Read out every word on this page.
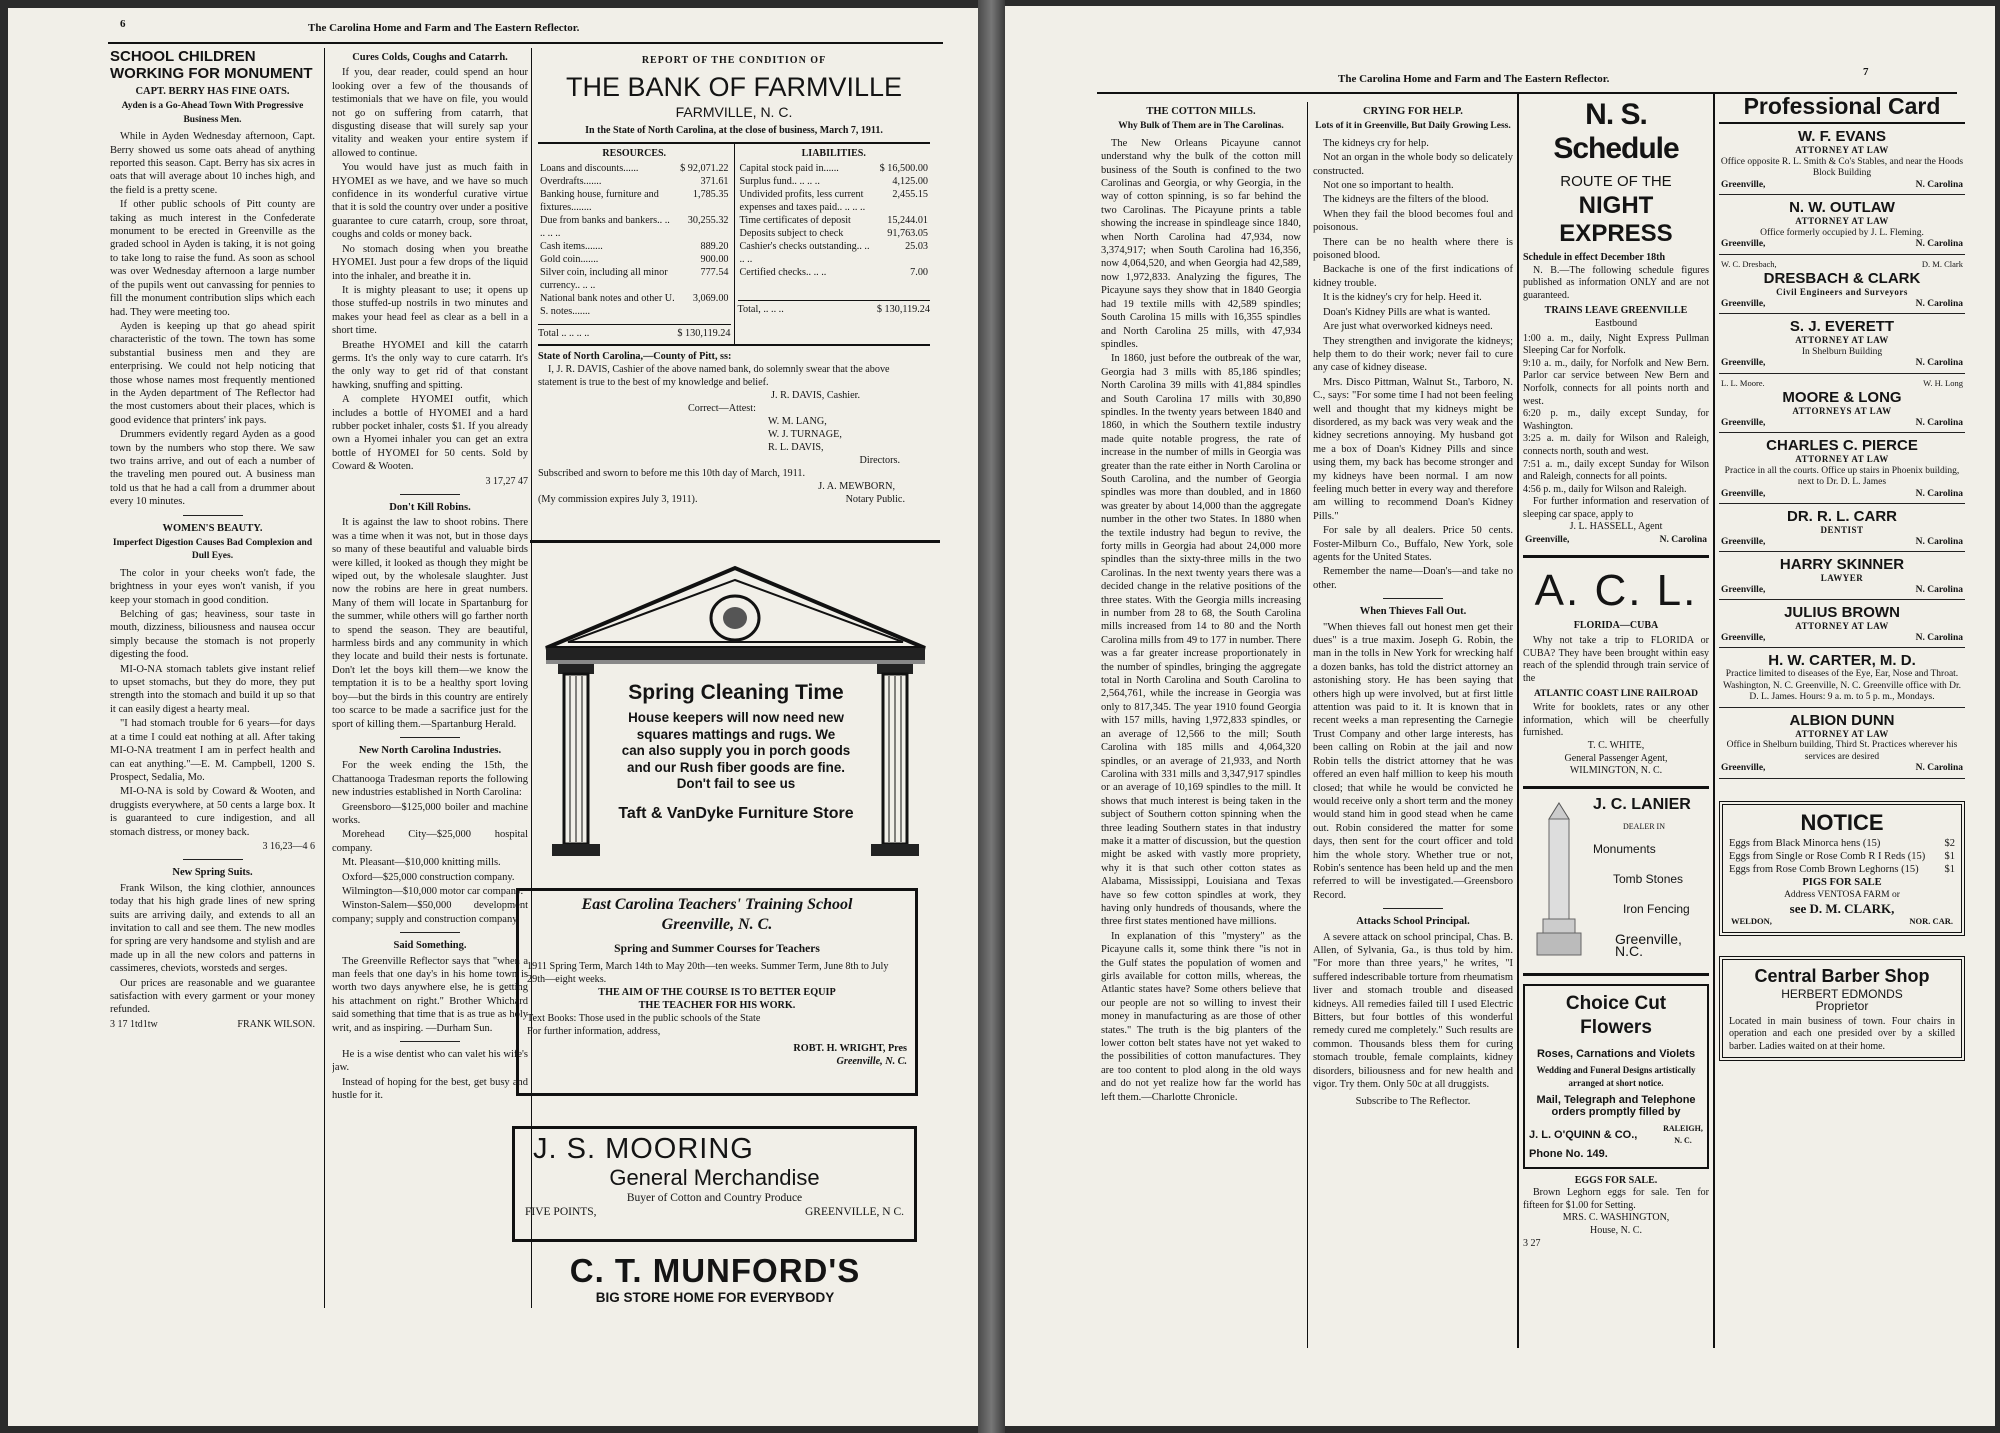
6	The Carolina Home and Farm and The Eastern Reflector.
SCHOOL CHILDREN WORKING FOR MONUMENT
CAPT. BERRY HAS FINE OATS.
Ayden is a Go-Ahead Town With Progressive Business Men.

While in Ayden Wednesday afternoon, Capt. Berry showed us some oats ahead of anything reported this season. Capt. Berry has six acres in oats that will average about 10 inches high, and the field is a pretty scene.

If other public schools of Pitt county are taking as much interest in the Confederate monument to be erected in Greenville as the graded school in Ayden is taking, it is not going to take long to raise the fund. As soon as school was over Wednesday afternoon a large number of the pupils went out canvassing for pennies to fill the monument contribution slips which each had. They were meeting too.

Ayden is keeping up that go ahead spirit characteristic of the town. The town has some substantial business men and they are enterprising. We could not help noticing that those whose names most frequently mentioned in the Ayden department of The Reflector had the most customers about their places, which is good evidence that printers' ink pays.

Drummers evidently regard Ayden as a good town by the numbers who stop there. We saw two trains arrive, and out of each a number of the traveling men poured out. A business man told us that he had a call from a drummer about every 10 minutes.

WOMEN'S BEAUTY.
Imperfect Digestion Causes Bad Complexion and Dull Eyes.

The color in your cheeks won't fade, the brightness in your eyes won't vanish, if you keep your stomach in good condition.

Belching of gas; heaviness, sour taste in mouth, dizziness, biliousness and nausea occur simply because the stomach is not properly digesting the food.

MI-O-NA stomach tablets give instant relief to upset stomachs, but they do more, they put strength into the stomach and build it up so that it can easily digest a hearty meal.

"I had stomach trouble for 6 years—for days at a time I could eat nothing at all. After taking MI-O-NA treatment I am in perfect health and can eat anything."—E. M. Campbell, 1200 S. Prospect, Sedalia, Mo.

MI-O-NA is sold by Coward & Wooten, and druggists everywhere, at 50 cents a large box. It is guaranteed to cure indigestion, and all stomach distress, or money back.

3 16,23—4 6
New Spring Suits.

Frank Wilson, the king clothier, announces today that his high grade lines of new spring suits are arriving daily, and extends to all an invitation to call and see them. The new modles for spring are very handsome and stylish and are made up in all the new colors and patterns in cassimeres, cheviots, worsteds and serges.

Our prices are reasonable and we guarantee satisfaction with every garment or your money refunded.

3 17 1td1tw	FRANK WILSON.
Cures Colds, Coughs and Catarrh.

If you, dear reader, could spend an hour looking over a few of the thousands of testimonials that we have on file, you would not go on suffering from catarrh, that disgusting disease that will surely sap your vitality and weaken your entire system if allowed to continue.

You would have just as much faith in HYOMEI as we have, and we have so much confidence in its wonderful curative virtue that it is sold the country over under a positive guarantee to cure catarrh, croup, sore throat, coughs and colds or money back.

No stomach dosing when you breathe HYOMEI. Just pour a few drops of the liquid into the inhaler, and breathe it in.

It is mighty pleasant to use; it opens up those stuffed-up nostrils in two minutes and makes your head feel as clear as a bell in a short time.

Breathe HYOMEI and kill the catarrh germs. It's the only way to cure catarrh. It's the only way to get rid of that constant hawking, snuffing and spitting.

A complete HYOMEI outfit, which includes a bottle of HYOMEI and a hard rubber pocket inhaler, costs $1. If you already own a Hyomei inhaler you can get an extra bottle of HYOMEI for 50 cents. Sold by Coward & Wooten.

3 17,27 47
Don't Kill Robins.

It is against the law to shoot robins. There was a time when it was not, but in those days so many of these beautiful and valuable birds were killed, it looked as though they might be wiped out, by the wholesale slaughter. Just now the robins are here in great numbers. Many of them will locate in Spartanburg for the summer, while others will go farther north to spend the season. They are beautiful, harmless birds and any community in which they locate and build their nests is fortunate. Don't let the boys kill them—we know the temptation it is to be a healthy sport loving boy—but the birds in this country are entirely too scarce to be made a sacrifice just for the sport of killing them.—Spartanburg Herald.

New North Carolina Industries.

For the week ending the 15th, the Chattanooga Tradesman reports the following new industries established in North Carolina:

Greensboro—$125,000 boiler and machine works.

Morehead City—$25,000 hospital company.

Mt. Pleasant—$10,000 knitting mills.

Oxford—$25,000 construction company.

Wilmington—$10,000 motor car company.

Winston-Salem—$50,000 development company; supply and construction company.

Said Something.

The Greenville Reflector says that "when a man feels that one day's in his home town is worth two days anywhere else, he is getting his attachment on right." Brother Whichard said something that time that is as true as holy writ, and as inspiring. —Durham Sun.

He is a wise dentist who can valet his wife's jaw.

Instead of hoping for the best, get busy and hustle for it.

REPORT OF THE CONDITION OF
THE BANK OF FARMVILLE
FARMVILLE, N. C.
In the State of North Carolina, at the close of business, March 7, 1911.
RESOURCES.
Loans and discounts......	$ 92,071.22
Overdrafts.......	371.61
Banking house, furniture and fixtures........	1,785.35
Due from banks and bankers.. .. .. .. ..	30,255.32
Cash items.......	889.20
Gold coin.......	900.00
Silver coin, including all minor currency.. .. ..	777.54
National bank notes and other U. S. notes.......	3,069.00
Total .. .. .. ..	$ 130,119.24
LIABILITIES.
Capital stock paid in......	$ 16,500.00
Surplus fund.. .. .. ..	4,125.00
Undivided profits, less current expenses and taxes paid.. .. .. ..	2,455.15
Time certificates of deposit	15,244.01
Deposits subject to check	91,763.05
Cashier's checks outstanding.. .. .. ..	25.03
Certified checks.. .. ..	7.00
Total, .. .. ..	$ 130,119.24
State of North Carolina,—County of Pitt, ss:
I, J. R. DAVIS, Cashier of the above named bank, do solemnly swear that the above statement is true to the best of my knowledge and belief.
J. R. DAVIS, Cashier.
Correct—Attest:
W. M. LANG,
W. J. TURNAGE,
R. L. DAVIS,
Directors.
Subscribed and sworn to before me this 10th day of March, 1911.
J. A. MEWBORN,
(My commission expires July 3, 1911).	Notary Public.
Spring Cleaning Time
House keepers will now need new
squares mattings and rugs. We
can also supply you in porch goods
and our Rush fiber goods are fine.
Don't fail to see us
Taft & VanDyke Furniture Store
East Carolina Teachers' Training School
Greenville, N. C.
Spring and Summer Courses for Teachers
1911 Spring Term, March 14th to May 20th—ten weeks. Summer Term, June 8th to July 29th—eight weeks.
THE AIM OF THE COURSE IS TO BETTER EQUIP
THE TEACHER FOR HIS WORK.
Text Books: Those used in the public schools of the State
For further information, address,
ROBT. H. WRIGHT, Pres
Greenville, N. C.
J. S. MOORING
General Merchandise
Buyer of Cotton and Country Produce
FIVE POINTS,	GREENVILLE, N C.
C. T. MUNFORD'S
BIG STORE HOME FOR EVERYBODY
The Carolina Home and Farm and The Eastern Reflector.
7
THE COTTON MILLS.
Why Bulk of Them are in The Carolinas.

The New Orleans Picayune cannot understand why the bulk of the cotton mill business of the South is confined to the two Carolinas and Georgia, or why Georgia, in the way of cotton spinning, is so far behind the two Carolinas. The Picayune prints a table showing the increase in spindleage since 1840, when North Carolina had 47,934, now 3,374,917; when South Carolina had 16,356, now 4,064,520, and when Georgia had 42,589, now 1,972,833. Analyzing the figures, The Picayune says they show that in 1840 Georgia had 19 textile mills with 42,589 spindles; South Carolina 15 mills with 16,355 spindles and North Carolina 25 mills, with 47,934 spindles.

In 1860, just before the outbreak of the war, Georgia had 3 mills with 85,186 spindles; North Carolina 39 mills with 41,884 spindles and South Carolina 17 mills with 30,890 spindles. In the twenty years between 1840 and 1860, in which the Southern textile industry made quite notable progress, the rate of increase in the number of mills in Georgia was greater than the rate either in North Carolina or South Carolina, and the number of Georgia spindles was more than doubled, and in 1860 was greater by about 14,000 than the aggregate number in the other two States. In 1880 when the textile industry had begun to revive, the forty mills in Georgia had about 24,000 more spindles than the sixty-three mills in the two Carolinas. In the next twenty years there was a decided change in the relative positions of the three states. With the Georgia mills increasing in number from 28 to 68, the South Carolina mills increased from 14 to 80 and the North Carolina mills from 49 to 177 in number. There was a far greater increase proportionately in the number of spindles, bringing the aggregate total in North Carolina and South Carolina to 2,564,761, while the increase in Georgia was only to 817,345. The year 1910 found Georgia with 157 mills, having 1,972,833 spindles, or an average of 12,566 to the mill; South Carolina with 185 mills and 4,064,320 spindles, or an average of 21,933, and North Carolina with 331 mills and 3,347,917 spindles or an average of 10,169 spindles to the mill. It shows that much interest is being taken in the subject of Southern cotton spinning when the three leading Southern states in that industry make it a matter of discussion, but the question might be asked with vastly more propriety, why it is that such other cotton states as Alabama, Mississippi, Louisiana and Texas have so few cotton spindles at work, they having only hundreds of thousands, where the three first states mentioned have millions.

In explanation of this "mystery" as the Picayune calls it, some think there "is not in the Gulf states the population of women and girls available for cotton mills, whereas, the Atlantic states have? Some others believe that our people are not so willing to invest their money in manufacturing as are those of other states." The truth is the big planters of the lower cotton belt states have not yet waked to the possibilities of cotton manufactures. They are too content to plod along in the old ways and do not yet realize how far the world has left them.—Charlotte Chronicle.

CRYING FOR HELP.
Lots of it in Greenville, But Daily Growing Less.

The kidneys cry for help.

Not an organ in the whole body so delicately constructed.

Not one so important to health.

The kidneys are the filters of the blood.

When they fail the blood becomes foul and poisonous.

There can be no health where there is poisoned blood.

Backache is one of the first indications of kidney trouble.

It is the kidney's cry for help. Heed it.

Doan's Kidney Pills are what is wanted.

Are just what overworked kidneys need.

They strengthen and invigorate the kidneys; help them to do their work; never fail to cure any case of kidney disease.

Mrs. Disco Pittman, Walnut St., Tarboro, N. C., says: "For some time I had not been feeling well and thought that my kidneys might be disordered, as my back was very weak and the kidney secretions annoying. My husband got me a box of Doan's Kidney Pills and since using them, my back has become stronger and my kidneys have been normal. I am now feeling much better in every way and therefore am willing to recommend Doan's Kidney Pills."

For sale by all dealers. Price 50 cents. Foster-Milburn Co., Buffalo, New York, sole agents for the United States.

Remember the name—Doan's—and take no other.

When Thieves Fall Out.

"When thieves fall out honest men get their dues" is a true maxim. Joseph G. Robin, the man in the tolls in New York for wrecking half a dozen banks, has told the district attorney an astonishing story. He has been saying that others high up were involved, but at first little attention was paid to it. It is known that in recent weeks a man representing the Carnegie Trust Company and other large interests, has been calling on Robin at the jail and now Robin tells the district attorney that he was offered an even half million to keep his mouth closed; that while he would be convicted he would receive only a short term and the money would stand him in good stead when he came out. Robin considered the matter for some days, then sent for the court officer and told him the whole story. Whether true or not, Robin's sentence has been held up and the men referred to will be investigated.—Greensboro Record.

Attacks School Principal.

A severe attack on school principal, Chas. B. Allen, of Sylvania, Ga., is thus told by him. "For more than three years," he writes, "I suffered indescribable torture from rheumatism liver and stomach trouble and diseased kidneys. All remedies failed till I used Electric Bitters, but four bottles of this wonderful remedy cured me completely." Such results are common. Thousands bless them for curing stomach trouble, female complaints, kidney disorders, biliousness and for new health and vigor. Try them. Only 50c at all druggists.

Subscribe to The Reflector.
N. S. Schedule
ROUTE OF THE
NIGHT EXPRESS
Schedule in effect December 18th
N. B.—The following schedule figures published as information ONLY and are not guaranteed.
TRAINS LEAVE GREENVILLE
Eastbound
1:00 a. m., daily, Night Express Pullman Sleeping Car for Norfolk.
9:10 a. m., daily, for Norfolk and New Bern. Parlor car service between New Bern and Norfolk, connects for all points north and west.
6:20 p. m., daily except Sunday, for Washington.
3:25 a. m. daily for Wilson and Raleigh, connects north, south and west.
7:51 a. m., daily except Sunday for Wilson and Raleigh, connects for all points.
4:56 p. m., daily for Wilson and Raleigh.
For further information and reservation of sleeping car space, apply to
J. L. HASSELL, Agent
Greenville,	N. Carolina
A. C. L.
FLORIDA—CUBA
Why not take a trip to FLORIDA or CUBA? They have been brought within easy reach of the splendid through train service of the
ATLANTIC COAST LINE RAILROAD
Write for booklets, rates or any other information, which will be cheerfully furnished.
T. C. WHITE,
General Passenger Agent,
WILMINGTON, N. C.
J. C. LANIER
DEALER IN
Monuments
Tomb Stones
Iron Fencing
Greenville, N.C.
Choice Cut Flowers
Roses, Carnations and Violets
Wedding and Funeral Designs artistically arranged at short notice.
Mail, Telegraph and Telephone orders promptly filled by
J. L. O'QUINN & CO.,
RALEIGH, N. C.
Phone No. 149.
EGGS FOR SALE.
Brown Leghorn eggs for sale. Ten for fifteen for $1.00 for Setting.
MRS. C. WASHINGTON,
House, N. C.
3 27
Professional Card
W. F. EVANS
ATTORNEY AT LAW
Office opposite R. L. Smith & Co's Stables, and near the Hoods Block Building
Greenville,	N. Carolina
N. W. OUTLAW
ATTORNEY AT LAW
Office formerly occupied by J. L. Fleming.
Greenville,	N. Carolina
W. C. Dresbach,	D. M. Clark
DRESBACH & CLARK
Civil Engineers and Surveyors
Greenville,	N. Carolina
S. J. EVERETT
ATTORNEY AT LAW
In Shelburn Building
Greenville,	N. Carolina
L. L. Moore.	W. H. Long
MOORE & LONG
ATTORNEYS AT LAW
Greenville,	N. Carolina
CHARLES C. PIERCE
ATTORNEY AT LAW
Practice in all the courts. Office up stairs in Phoenix building, next to Dr. D. L. James
Greenville,	N. Carolina
DR. R. L. CARR
DENTIST
Greenville,	N. Carolina
HARRY SKINNER
LAWYER
Greenville,	N. Carolina
JULIUS BROWN
ATTORNEY AT LAW
Greenville,	N. Carolina
H. W. CARTER, M. D.
Practice limited to diseases of the Eye, Ear, Nose and Throat. Washington, N. C. Greenville, N. C. Greenville office with Dr. D. L. James. Hours: 9 a. m. to 5 p. m., Mondays.
ALBION DUNN
ATTORNEY AT LAW
Office in Shelburn building, Third St. Practices wherever his services are desired
Greenville,	N. Carolina
NOTICE
Eggs from Black Minorca hens (15)	$2
Eggs from Single or Rose Comb R I Reds (15) $1
Eggs from Rose Comb Brown Leghorns (15) $1
PIGS FOR SALE
Address VENTOSA FARM or
see D. M. CLARK,
WELDON,	NOR. CAR.
Central Barber Shop
HERBERT EDMONDS
Proprietor
Located in main business of town. Four chairs in operation and each one presided over by a skilled barber. Ladies waited on at their home.
